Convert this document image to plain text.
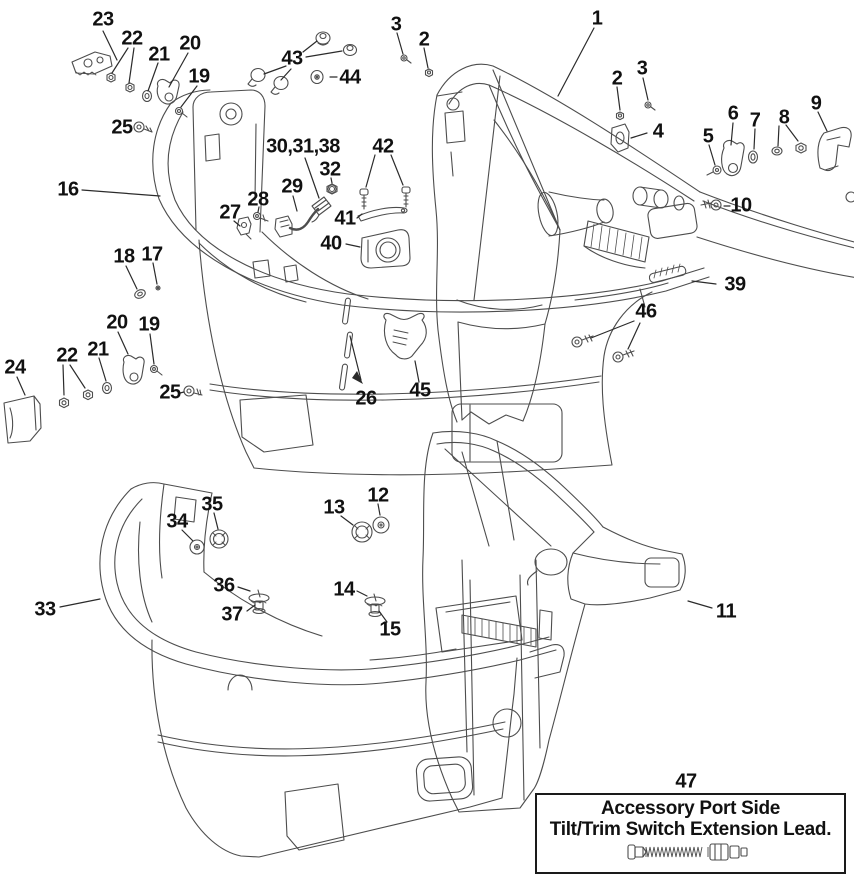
1
2
3
2 3
4 5
6 7 8
9
10
11
12
13
14
15
16
17
18
19
19
20
20
21
21
22
22
23
24
25
25	26
27
28
29
30,31,38
32
33
34
35
36
37
39
40
41
42
43
44
45
46
47
Accessory Port Side
Tilt/Trim Switch Extension Lead.
